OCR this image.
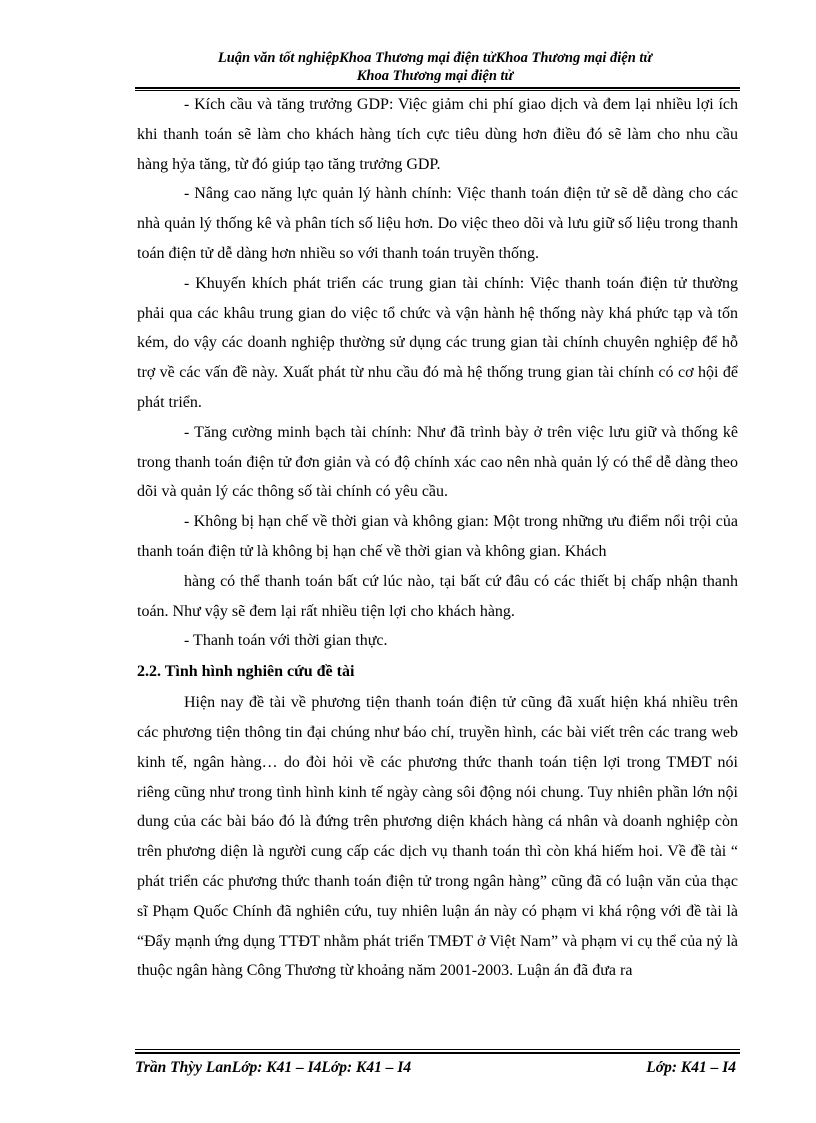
Luận văn tốt nghiệpKhoa Thương mại điện tửKhoa Thương mại điện tử
Khoa Thương mại điện tử

- Kích cầu và tăng trưởng GDP: Việc giảm chi phí giao dịch và đem lại nhiều lợi ích khi thanh toán sẽ làm cho khách hàng tích cực tiêu dùng hơn điều đó sẽ làm cho nhu cầu hàng hỷa tăng, từ đó giúp tạo tăng trưởng GDP.

- Nâng cao năng lực quản lý hành chính: Việc thanh toán điện tử sẽ dễ dàng cho các nhà quản lý thống kê và phân tích số liệu hơn. Do việc theo dõi và lưu giữ số liệu trong thanh toán điện tử dễ dàng hơn nhiều so với thanh toán truyền thống.

- Khuyến khích phát triển các trung gian tài chính: Việc thanh toán điện tử thường phải qua các khâu trung gian do việc tổ chức và vận hành hệ thống này khá phức tạp và tốn kém, do vậy các doanh nghiệp thường sử dụng các trung gian tài chính chuyên nghiệp để hỗ trợ về các vấn đề này. Xuất phát từ nhu cầu đó mà hệ thống trung gian tài chính có cơ hội để phát triển.

- Tăng cường minh bạch tài chính: Như đã trình bày ở trên việc lưu giữ và thống kê trong thanh toán điện tử đơn giản và có độ chính xác cao nên nhà quản lý có thể dễ dàng theo dõi và quản lý các thông số tài chính có yêu cầu.

- Không bị hạn chế về thời gian và không gian: Một trong những ưu điểm nổi trội của thanh toán điện tử là không bị hạn chế về thời gian và không gian. Khách

hàng có thể thanh toán bất cứ lúc nào, tại bất cứ đâu có các thiết bị chấp nhận thanh toán. Như vậy sẽ đem lại rất nhiều tiện lợi cho khách hàng.

- Thanh toán với thời gian thực.

2.2. Tình hình nghiên cứu đề tài

Hiện nay đề tài về phương tiện thanh toán điện tử cũng đã xuất hiện khá nhiều trên các phương tiện thông tin đại chúng như báo chí, truyền hình, các bài viết trên các trang web kinh tế, ngân hàng… do đòi hỏi về các phương thức thanh toán tiện lợi trong TMĐT nói riêng cũng như trong tình hình kinh tế ngày càng sôi động nói chung. Tuy nhiên phần lớn nội dung của các bài báo đó là đứng trên phương diện khách hàng cá nhân và doanh nghiệp còn trên phương diện là người cung cấp các dịch vụ thanh toán thì còn khá hiếm hoi. Về đề tài “ phát triển các phương thức thanh toán điện tử trong ngân hàng” cũng đã có luận văn của thạc sĩ Phạm Quốc Chính đã nghiên cứu, tuy nhiên luận án này có phạm vi khá rộng với đề tài là “Đẩy mạnh ứng dụng TTĐT nhằm phát triển TMĐT ở Việt Nam” và phạm vi cụ thể của nỷ là thuộc ngân hàng Công Thương từ khoảng năm 2001-2003. Luận án đã đưa ra

Trần Thỳy LanLớp: K41 – I4Lớp: K41 – I4	Lớp: K41 – I4
